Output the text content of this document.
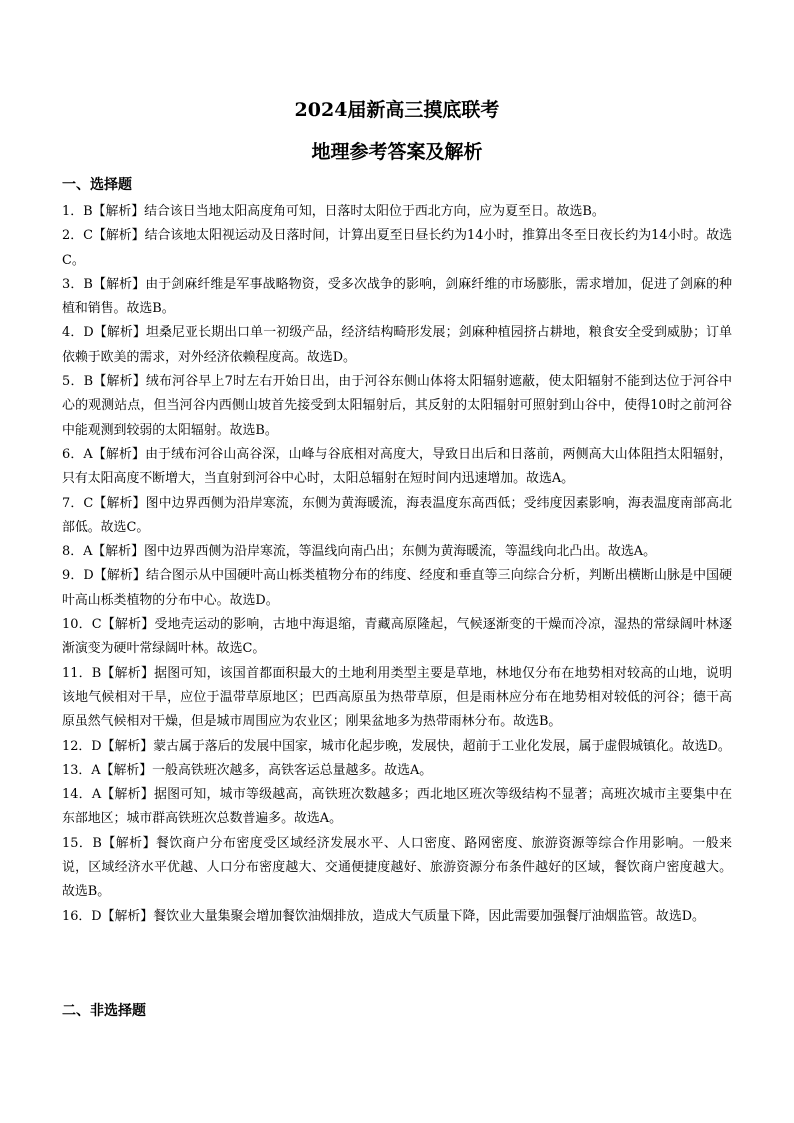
2024届新高三摸底联考
地理参考答案及解析
一、选择题
1．B【解析】结合该日当地太阳高度角可知，日落时太阳位于西北方向，应为夏至日。故选B。
2．C【解析】结合该地太阳视运动及日落时间，计算出夏至日昼长约为14小时，推算出冬至日夜长约为14小时。故选C。
3．B【解析】由于剑麻纤维是军事战略物资，受多次战争的影响，剑麻纤维的市场膨胀，需求增加，促进了剑麻的种植和销售。故选B。
4．D【解析】坦桑尼亚长期出口单一初级产品，经济结构畸形发展；剑麻种植园挤占耕地，粮食安全受到威胁；订单依赖于欧美的需求，对外经济依赖程度高。故选D。
5．B【解析】绒布河谷早上7时左右开始日出，由于河谷东侧山体将太阳辐射遮蔽，使太阳辐射不能到达位于河谷中心的观测站点，但当河谷内西侧山坡首先接受到太阳辐射后，其反射的太阳辐射可照射到山谷中，使得10时之前河谷中能观测到较弱的太阳辐射。故选B。
6．A【解析】由于绒布河谷山高谷深，山峰与谷底相对高度大，导致日出后和日落前，两侧高大山体阻挡太阳辐射，只有太阳高度不断增大，当直射到河谷中心时，太阳总辐射在短时间内迅速增加。故选A。
7．C【解析】图中边界西侧为沿岸寒流，东侧为黄海暖流，海表温度东高西低；受纬度因素影响，海表温度南部高北部低。故选C。
8．A【解析】图中边界西侧为沿岸寒流，等温线向南凸出；东侧为黄海暖流，等温线向北凸出。故选A。
9．D【解析】结合图示从中国硬叶高山栎类植物分布的纬度、经度和垂直等三向综合分析，判断出横断山脉是中国硬叶高山栎类植物的分布中心。故选D。
10．C【解析】受地壳运动的影响，古地中海退缩，青藏高原隆起，气候逐渐变的干燥而冷凉，湿热的常绿阔叶林逐渐演变为硬叶常绿阔叶林。故选C。
11．B【解析】据图可知，该国首都面积最大的土地利用类型主要是草地，林地仅分布在地势相对较高的山地，说明该地气候相对干旱，应位于温带草原地区；巴西高原虽为热带草原，但是雨林应分布在地势相对较低的河谷；德干高原虽然气候相对干燥，但是城市周围应为农业区；刚果盆地多为热带雨林分布。故选B。
12．D【解析】蒙古属于落后的发展中国家，城市化起步晚，发展快，超前于工业化发展，属于虚假城镇化。故选D。
13．A【解析】一般高铁班次越多，高铁客运总量越多。故选A。
14．A【解析】据图可知，城市等级越高，高铁班次数越多；西北地区班次等级结构不显著；高班次城市主要集中在东部地区；城市群高铁班次总数普遍多。故选A。
15．B【解析】餐饮商户分布密度受区域经济发展水平、人口密度、路网密度、旅游资源等综合作用影响。一般来说，区域经济水平优越、人口分布密度越大、交通便捷度越好、旅游资源分布条件越好的区域，餐饮商户密度越大。故选B。
16．D【解析】餐饮业大量集聚会增加餐饮油烟排放，造成大气质量下降，因此需要加强餐厅油烟监管。故选D。
二、非选择题
